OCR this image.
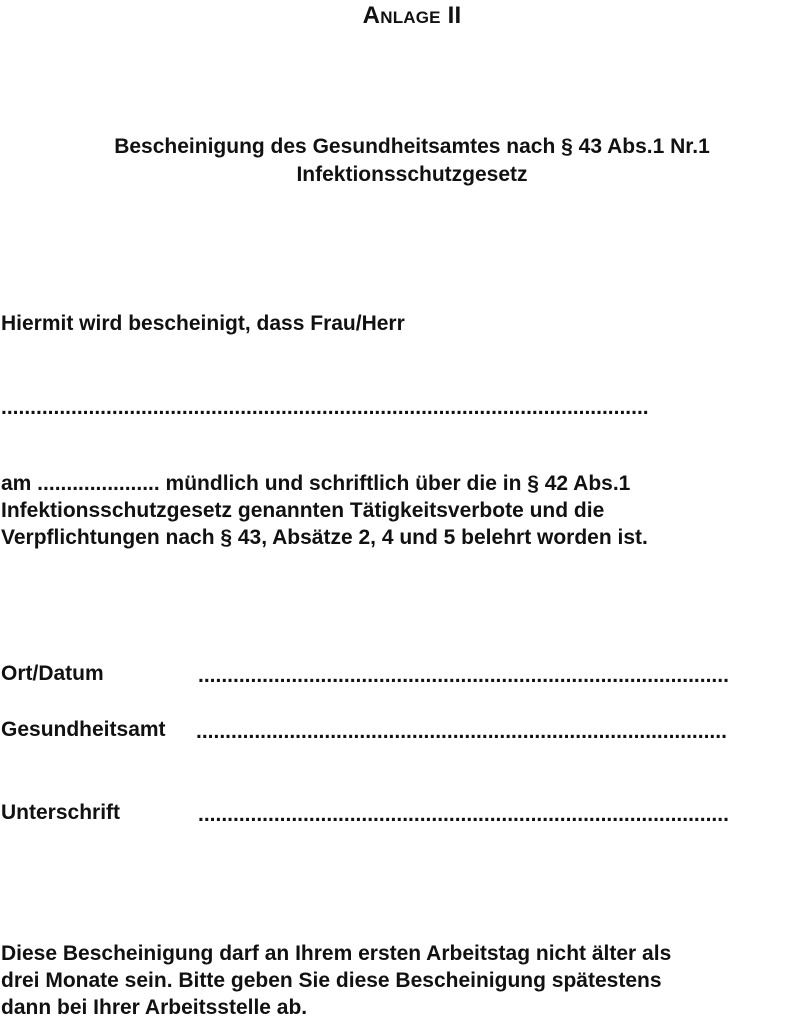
Anlage II
Bescheinigung des Gesundheitsamtes nach § 43 Abs.1 Nr.1
Infektionsschutzgesetz
Hiermit wird bescheinigt, dass Frau/Herr
...............................................................................................................
am ..................... mündlich und schriftlich über die in § 42 Abs.1
Infektionsschutzgesetz genannten Tätigkeitsverbote und die
Verpflichtungen nach § 43, Absätze 2, 4 und 5 belehrt worden ist.
Ort/Datum	...........................................................................................
Gesundheitsamt ...........................................................................................
Unterschrift	...........................................................................................
Diese Bescheinigung darf an Ihrem ersten Arbeitstag nicht älter als
drei Monate sein. Bitte geben Sie diese Bescheinigung spätestens
dann bei Ihrer Arbeitsstelle ab.
